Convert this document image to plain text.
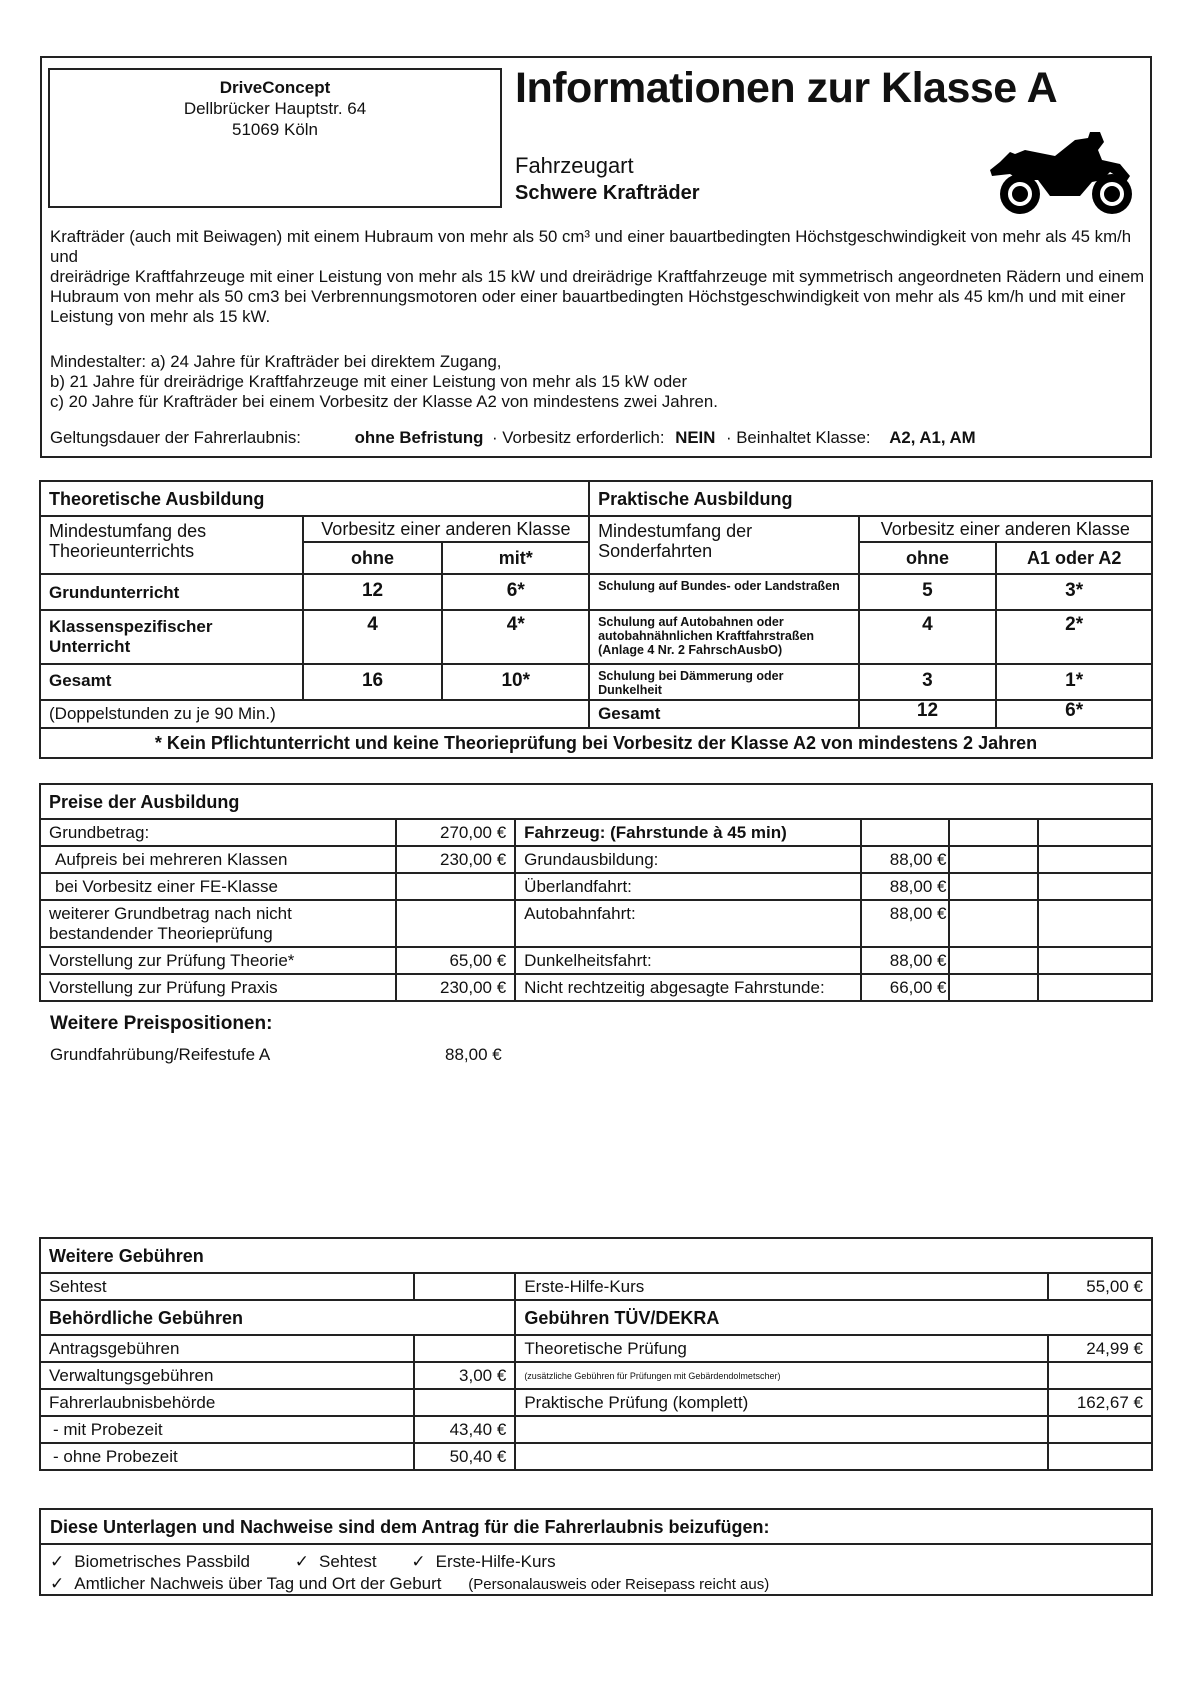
DriveConcept
Dellbrücker Hauptstr. 64
51069 Köln
Informationen zur Klasse A
Fahrzeugart
Schwere Krafträder
Krafträder (auch mit Beiwagen) mit einem Hubraum von mehr als 50 cm³ und einer bauartbedingten Höchstgeschwindigkeit von mehr als 45 km/h und
dreirädrige Kraftfahrzeuge mit einer Leistung von mehr als 15 kW und dreirädrige Kraftfahrzeuge mit symmetrisch angeordneten Rädern und einem Hubraum von mehr als 50 cm3 bei Verbrennungsmotoren oder einer bauartbedingten Höchstgeschwindigkeit von mehr als 45 km/h und mit einer Leistung von mehr als 15 kW.
Mindestalter: a) 24 Jahre für Krafträder bei direktem Zugang,
b) 21 Jahre für dreirädrige Kraftfahrzeuge mit einer Leistung von mehr als 15 kW oder
c) 20 Jahre für Krafträder bei einem Vorbesitz der Klasse A2 von mindestens zwei Jahren.
Geltungsdauer der Fahrerlaubnis:	ohne Befristung · Vorbesitz erforderlich: NEIN · Beinhaltet Klasse: A2, A1, AM
Theoretische Ausbildung			Praktische Ausbildung		
Mindestumfang des Theorieunterrichts	Vorbesitz einer anderen Klasse		Mindestumfang der Sonderfahrten	Vorbesitz einer anderen Klasse	
	ohne	mit*		ohne	A1 oder A2
Grundunterricht	12	6*	Schulung auf Bundes- oder Landstraßen	5	3*
Klassenspezifischer Unterricht	4	4*	Schulung auf Autobahnen oder autobahnähnlichen Kraftfahrstraßen (Anlage 4 Nr. 2 FahrschAusbO)	4	2*
Gesamt	16	10*	Schulung bei Dämmerung oder Dunkelheit	3	1*
(Doppelstunden zu je 90 Min.)			Gesamt	12	6*
* Kein Pflichtunterricht und keine Theorieprüfung bei Vorbesitz der Klasse A2 von mindestens 2 Jahren					
Preise der Ausbildung					
Grundbetrag:	270,00 €	Fahrzeug: (Fahrstunde à 45 min)			
Aufpreis bei mehreren Klassen	230,00 €	Grundausbildung:	88,00 €		
bei Vorbesitz einer FE-Klasse		Überlandfahrt:	88,00 €		
weiterer Grundbetrag nach nicht bestandender Theorieprüfung		Autobahnfahrt:	88,00 €		
Vorstellung zur Prüfung Theorie*	65,00 €	Dunkelheitsfahrt:	88,00 €		
Vorstellung zur Prüfung Praxis	230,00 €	Nicht rechtzeitig abgesagte Fahrstunde:	66,00 €		
Weitere Preispositionen:
Grundfahrübung/Reifestufe A	88,00 €
Weitere Gebühren			
Sehtest		Erste-Hilfe-Kurs	55,00 €
Behördliche Gebühren		Gebühren TÜV/DEKRA	
Antragsgebühren		Theoretische Prüfung	24,99 €
Verwaltungsgebühren	3,00 €	(zusätzliche Gebühren für Prüfungen mit Gebärdendolmetscher)	
Fahrerlaubnisbehörde		Praktische Prüfung (komplett)	162,67 €
- mit Probezeit	43,40 €		
- ohne Probezeit	50,40 €		
Diese Unterlagen und Nachweise sind dem Antrag für die Fahrerlaubnis beizufügen:
✓ Biometrisches Passbild	✓ Sehtest ✓ Erste-Hilfe-Kurs
✓ Amtlicher Nachweis über Tag und Ort der Geburt (Personalausweis oder Reisepass reicht aus)
